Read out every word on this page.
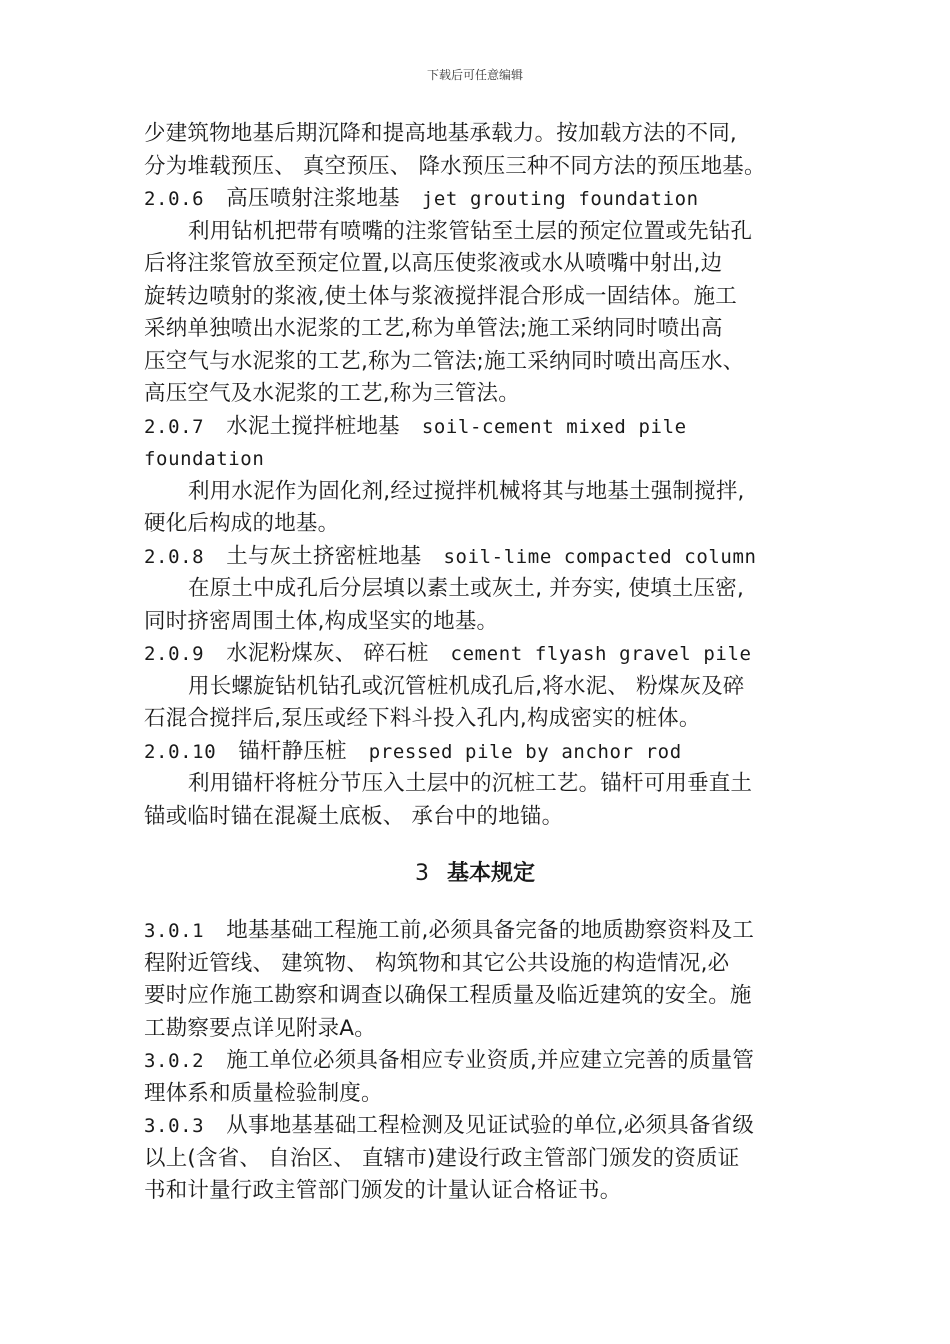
下载后可任意编辑
少建筑物地基后期沉降和提高地基承载力。按加载方法的不同,
分为堆载预压、 真空预压、 降水预压三种不同方法的预压地基。
2.0.6 高压喷射注浆地基 jet grouting foundation
利用钻机把带有喷嘴的注浆管钻至土层的预定位置或先钻孔
后将注浆管放至预定位置,以高压使浆液或水从喷嘴中射出,边
旋转边喷射的浆液,使土体与浆液搅拌混合形成一固结体。施工
采纳单独喷出水泥浆的工艺,称为单管法;施工采纳同时喷出高
压空气与水泥浆的工艺,称为二管法;施工采纳同时喷出高压水、
高压空气及水泥浆的工艺,称为三管法。
2.0.7 水泥土搅拌桩地基 soil-cement mixed pile
foundation
利用水泥作为固化剂,经过搅拌机械将其与地基土强制搅拌,
硬化后构成的地基。
2.0.8 土与灰土挤密桩地基 soil-lime compacted column
在原土中成孔后分层填以素土或灰土, 并夯实, 使填土压密,
同时挤密周围土体,构成坚实的地基。
2.0.9 水泥粉煤灰、 碎石桩 cement flyash gravel pile
用长螺旋钻机钻孔或沉管桩机成孔后,将水泥、 粉煤灰及碎
石混合搅拌后,泵压或经下料斗投入孔内,构成密实的桩体。
2.0.10 锚杆静压桩 pressed pile by anchor rod
利用锚杆将桩分节压入土层中的沉桩工艺。锚杆可用垂直土
锚或临时锚在混凝土底板、 承台中的地锚。
3 基本规定
3.0.1 地基基础工程施工前,必须具备完备的地质勘察资料及工
程附近管线、 建筑物、 构筑物和其它公共设施的构造情况,必
要时应作施工勘察和调查以确保工程质量及临近建筑的安全。施
工勘察要点详见附录A。
3.0.2 施工单位必须具备相应专业资质,并应建立完善的质量管
理体系和质量检验制度。
3.0.3 从事地基基础工程检测及见证试验的单位,必须具备省级
以上(含省、 自治区、 直辖市)建设行政主管部门颁发的资质证
书和计量行政主管部门颁发的计量认证合格证书。
